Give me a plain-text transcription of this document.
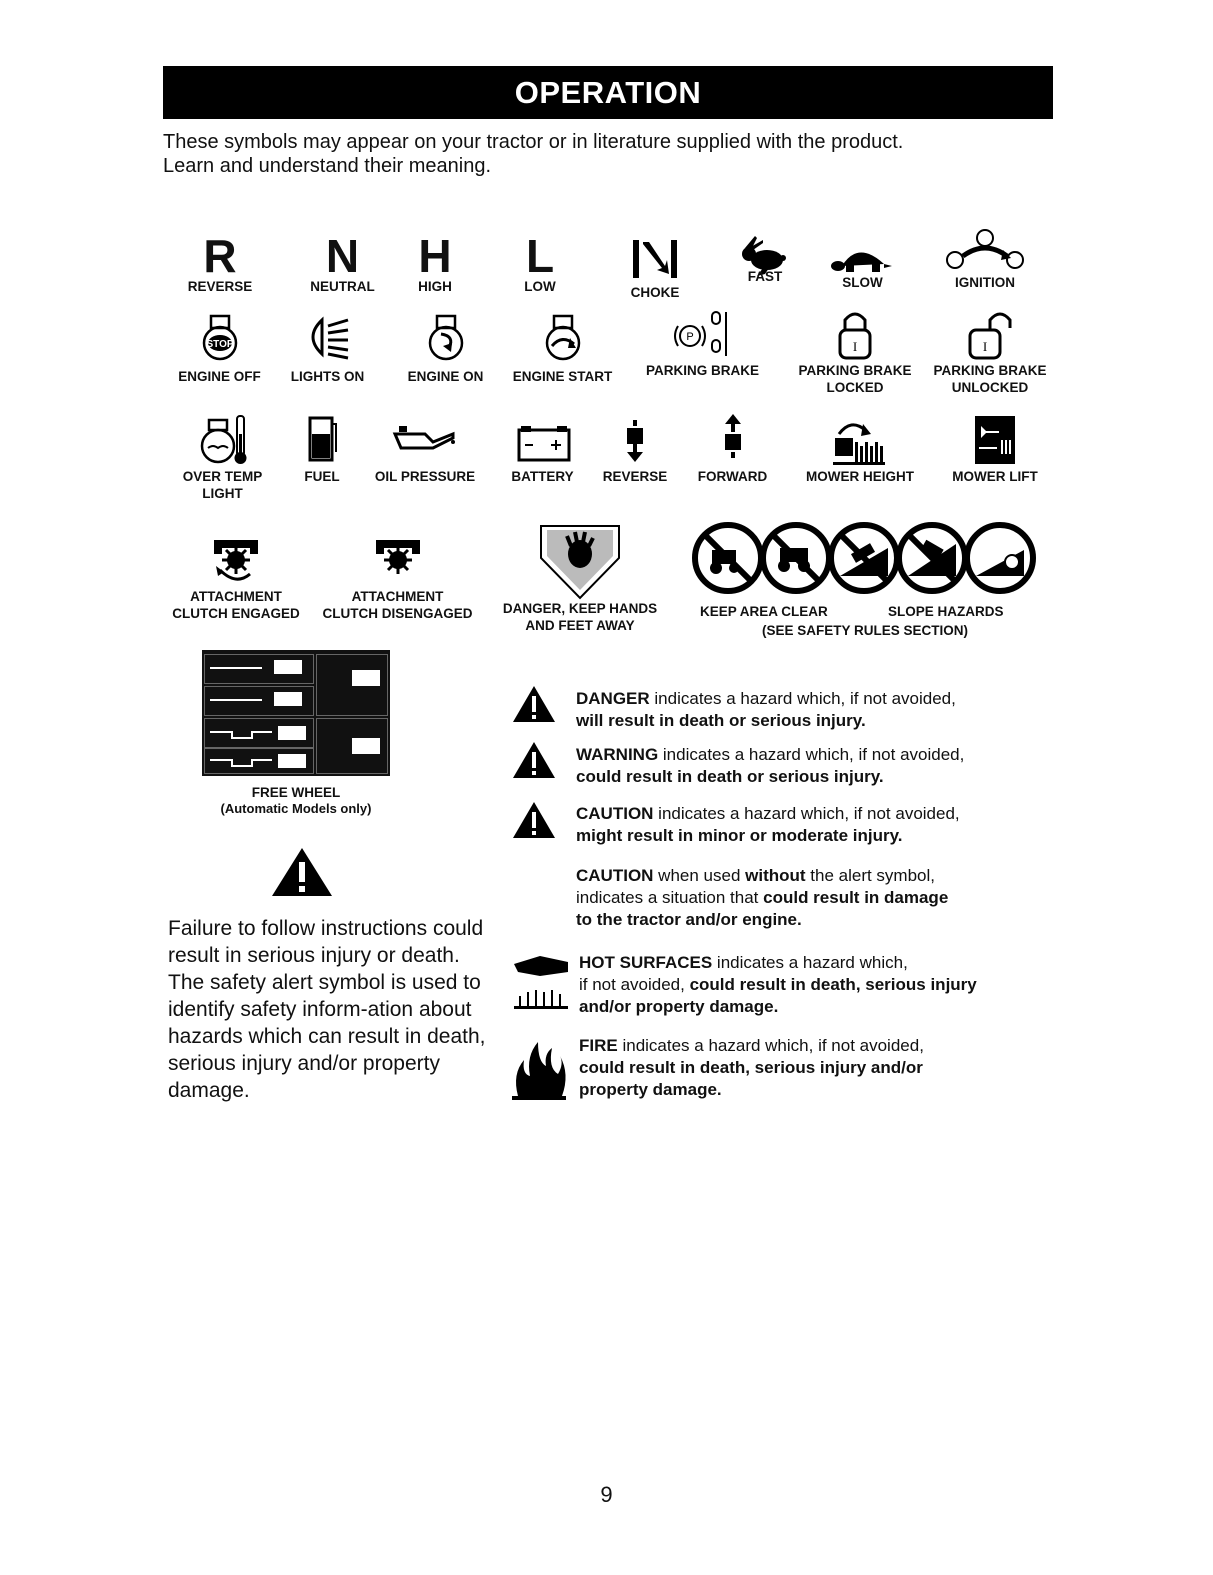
OPERATION
These symbols may appear on your tractor or in literature supplied with the product.
Learn and understand their meaning.
R
REVERSE
N
NEUTRAL
H
HIGH
L
LOW	CHOKE
FAST	SLOW	IGNITION
STOP
ENGINE OFF	LIGHTS ON	ENGINE ON	ENGINE START
P
PARKING BRAKE
I
PARKING BRAKE
LOCKED
I
PARKING BRAKE
UNLOCKED
OVER TEMP
LIGHT
FUEL	OIL PRESSURE	BATTERY	REVERSE	FORWARD	MOWER HEIGHT	MOWER LIFT
ATTACHMENT
CLUTCH ENGAGED
ATTACHMENT
CLUTCH DISENGAGED	DANGER, KEEP HANDS
AND FEET AWAY
KEEP AREA CLEAR	SLOPE HAZARDS
(SEE SAFETY RULES SECTION)
FREE WHEEL
(Automatic Models only)
Failure to follow instructions could result in serious injury or death. The safety alert symbol is used to identify safety inform-ation about hazards which can result in death, serious injury and/or property damage.
DANGER indicates a hazard which, if not avoided,
will result in death or serious injury.
WARNING indicates a hazard which, if not avoided,
could result in death or serious injury.
CAUTION indicates a hazard which, if not avoided,
might result in minor or moderate injury.
CAUTION when used without the alert symbol,
indicates a situation that could result in damage
to the tractor and/or engine.
HOT SURFACES indicates a hazard which,
if not avoided, could result in death, serious injury
and/or property damage.
FIRE indicates a hazard which, if not avoided,
could result in death, serious injury and/or
property damage.
9
